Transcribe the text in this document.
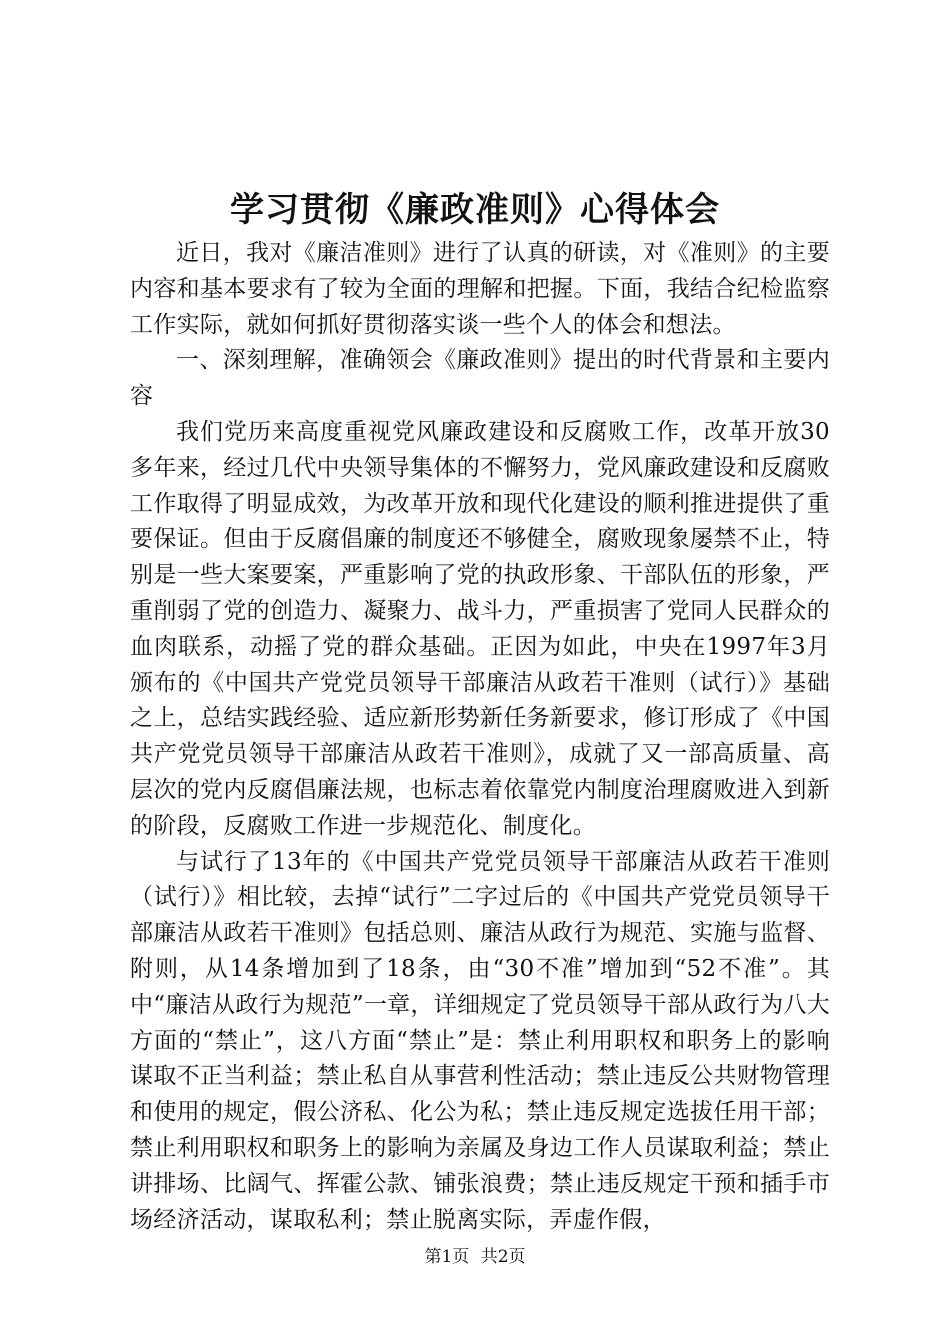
学习贯彻《廉政准则》心得体会

近日，我对《廉洁准则》进行了认真的研读，对《准则》的主要内容和基本要求有了较为全面的理解和把握。下面，我结合纪检监察工作实际，就如何抓好贯彻落实谈一些个人的体会和想法。

一、深刻理解，准确领会《廉政准则》提出的时代背景和主要内容

我们党历来高度重视党风廉政建设和反腐败工作，改革开放30多年来，经过几代中央领导集体的不懈努力，党风廉政建设和反腐败工作取得了明显成效，为改革开放和现代化建设的顺利推进提供了重要保证。但由于反腐倡廉的制度还不够健全，腐败现象屡禁不止，特别是一些大案要案，严重影响了党的执政形象、干部队伍的形象，严重削弱了党的创造力、凝聚力、战斗力，严重损害了党同人民群众的血肉联系，动摇了党的群众基础。正因为如此，中央在1997年3月颁布的《中国共产党党员领导干部廉洁从政若干准则（试行）》基础之上，总结实践经验、适应新形势新任务新要求，修订形成了《中国共产党党员领导干部廉洁从政若干准则》，成就了又一部高质量、高层次的党内反腐倡廉法规，也标志着依靠党内制度治理腐败进入到新的阶段，反腐败工作进一步规范化、制度化。

与试行了13年的《中国共产党党员领导干部廉洁从政若干准则（试行）》相比较，去掉“试行”二字过后的《中国共产党党员领导干部廉洁从政若干准则》包括总则、廉洁从政行为规范、实施与监督、附则，从14条增加到了18条，由“30不准”增加到“52不准”。其中“廉洁从政行为规范”一章，详细规定了党员领导干部从政行为八大方面的“禁止”，这八方面“禁止”是：禁止利用职权和职务上的影响谋取不正当利益；禁止私自从事营利性活动；禁止违反公共财物管理和使用的规定，假公济私、化公为私；禁止违反规定选拔任用干部；禁止利用职权和职务上的影响为亲属及身边工作人员谋取利益；禁止讲排场、比阔气、挥霍公款、铺张浪费；禁止违反规定干预和插手市场经济活动，谋取私利；禁止脱离实际，弄虚作假，

第1页 共2页
